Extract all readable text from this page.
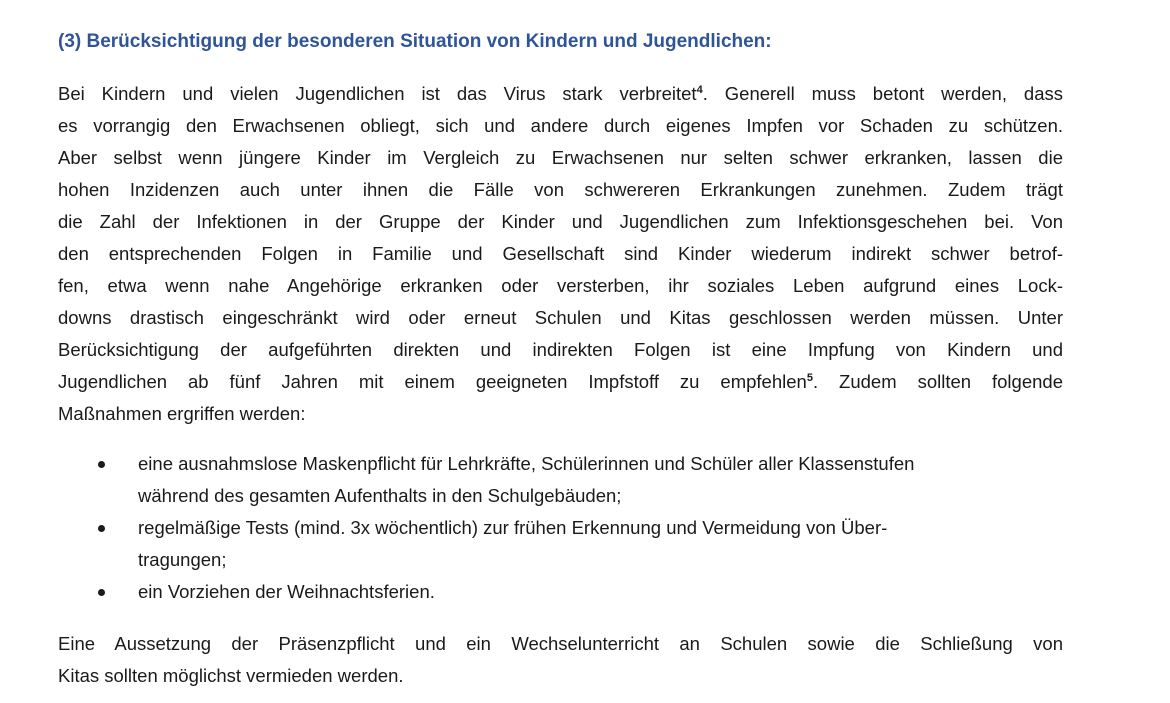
(3) Berücksichtigung der besonderen Situation von Kindern und Jugendlichen:

Bei Kindern und vielen Jugendlichen ist das Virus stark verbreitet$^4$. Generell muss betont werden, dass
es vorrangig den Erwachsenen obliegt, sich und andere durch eigenes Impfen vor Schaden zu schützen.
Aber selbst wenn jüngere Kinder im Vergleich zu Erwachsenen nur selten schwer erkranken, lassen die
hohen Inzidenzen auch unter ihnen die Fälle von schwereren Erkrankungen zunehmen. Zudem trägt
die Zahl der Infektionen in der Gruppe der Kinder und Jugendlichen zum Infektionsgeschehen bei. Von
den entsprechenden Folgen in Familie und Gesellschaft sind Kinder wiederum indirekt schwer betrof-
fen, etwa wenn nahe Angehörige erkranken oder versterben, ihr soziales Leben aufgrund eines Lock-
downs drastisch eingeschränkt wird oder erneut Schulen und Kitas geschlossen werden müssen. Unter
Berücksichtigung der aufgeführten direkten und indirekten Folgen ist eine Impfung von Kindern und
Jugendlichen ab fünf Jahren mit einem geeigneten Impfstoff zu empfehlen$^5$. Zudem sollten folgende
Maßnahmen ergriffen werden:

eine ausnahmslose Maskenpflicht für Lehrkräfte, Schülerinnen und Schüler aller Klassenstufen
während des gesamten Aufenthalts in den Schulgebäuden;
regelmäßige Tests (mind. 3x wöchentlich) zur frühen Erkennung und Vermeidung von Über-
tragungen;
ein Vorziehen der Weihnachtsferien.

Eine Aussetzung der Präsenzpflicht und ein Wechselunterricht an Schulen sowie die Schließung von
Kitas sollten möglichst vermieden werden.
